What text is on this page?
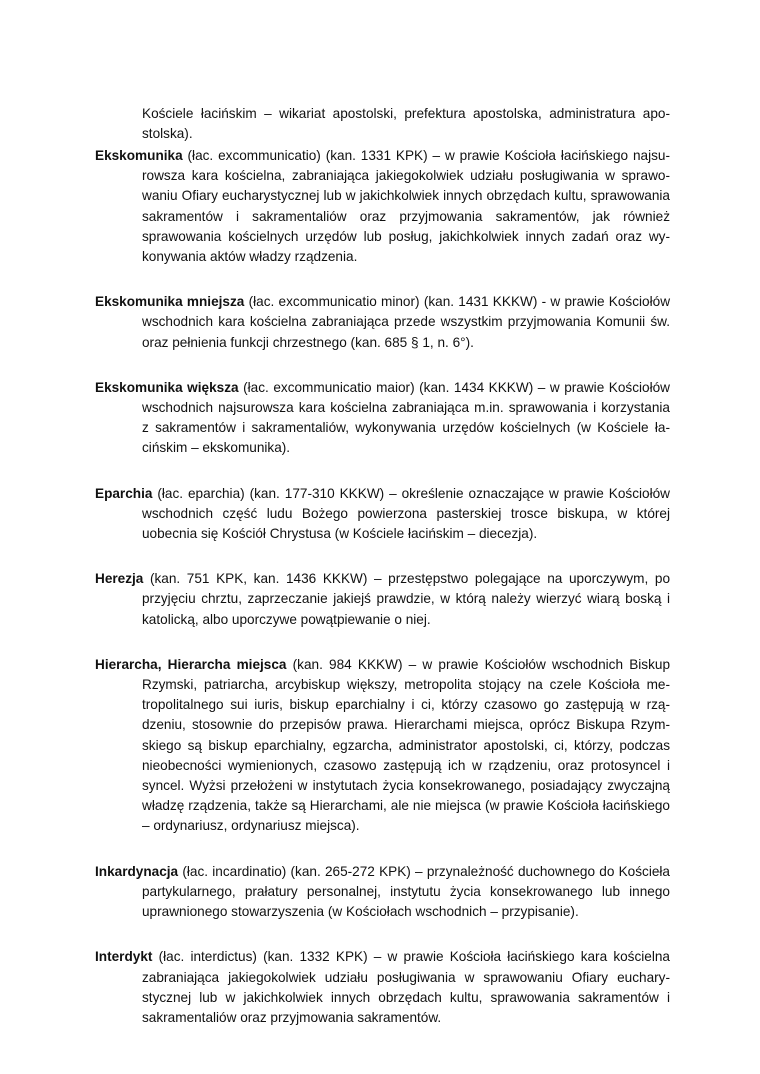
Kościele łacińskim – wikariat apostolski, prefektura apostolska, administratura apostolska).

Ekskomunika (łac. excommunicatio) (kan. 1331 KPK) – w prawie Kościoła łacińskiego najsurowsza kara kościelna, zabraniająca jakiegokolwiek udziału posługiwania w sprawowaniu Ofiary eucharystycznej lub w jakichkolwiek innych obrzędach kultu, sprawowania sakramentów i sakramentaliów oraz przyjmowania sakramentów, jak również sprawowania kościelnych urzędów lub posług, jakichkolwiek innych zadań oraz wykonywania aktów władzy rządzenia.

Ekskomunika mniejsza (łac. excommunicatio minor) (kan. 1431 KKKW) - w prawie Kościołów wschodnich kara kościelna zabraniająca przede wszystkim przyjmowania Komunii św. oraz pełnienia funkcji chrzestnego (kan. 685 § 1, n. 6°).

Ekskomunika większa (łac. excommunicatio maior) (kan. 1434 KKKW) – w prawie Kościołów wschodnich najsurowsza kara kościelna zabraniająca m.in. sprawowania i korzystania z sakramentów i sakramentaliów, wykonywania urzędów kościelnych (w Kościele łacińskim – ekskomunika).

Eparchia (łac. eparchia) (kan. 177-310 KKKW) – określenie oznaczające w prawie Kościołów wschodnich część ludu Bożego powierzona pasterskiej trosce biskupa, w której uobecnia się Kościół Chrystusa (w Kościele łacińskim – diecezja).

Herezja (kan. 751 KPK, kan. 1436 KKKW) – przestępstwo polegające na uporczywym, po przyjęciu chrztu, zaprzeczanie jakiejś prawdzie, w którą należy wierzyć wiarą boską i katolicką, albo uporczywe powątpiewanie o niej.

Hierarcha, Hierarcha miejsca (kan. 984 KKKW) – w prawie Kościołów wschodnich Biskup Rzymski, patriarcha, arcybiskup większy, metropolita stojący na czele Kościoła metropolitalnego sui iuris, biskup eparchialny i ci, którzy czasowo go zastępują w rządzeniu, stosownie do przepisów prawa. Hierarchami miejsca, oprócz Biskupa Rzymskiego są biskup eparchialny, egzarcha, administrator apostolski, ci, którzy, podczas nieobecności wymienionych, czasowo zastępują ich w rządzeniu, oraz protosyncel i syncel. Wyżsi przełożeni w instytutach życia konsekrowanego, posiadający zwyczajną władzę rządzenia, także są Hierarchami, ale nie miejsca (w prawie Kościoła łacińskiego – ordynariusz, ordynariusz miejsca).

Inkardynacja (łac. incardinatio) (kan. 265-272 KPK) – przynależność duchownego do Kościeła partykularnego, prałatury personalnej, instytutu życia konsekrowanego lub innego uprawnionego stowarzyszenia (w Kościołach wschodnich – przypisanie).

Interdykt (łac. interdictus) (kan. 1332 KPK) – w prawie Kościoła łacińskiego kara kościelna zabraniająca jakiegokolwiek udziału posługiwania w sprawowaniu Ofiary eucharystycznej lub w jakichkolwiek innych obrzędach kultu, sprawowania sakramentów i sakramentaliów oraz przyjmowania sakramentów.
